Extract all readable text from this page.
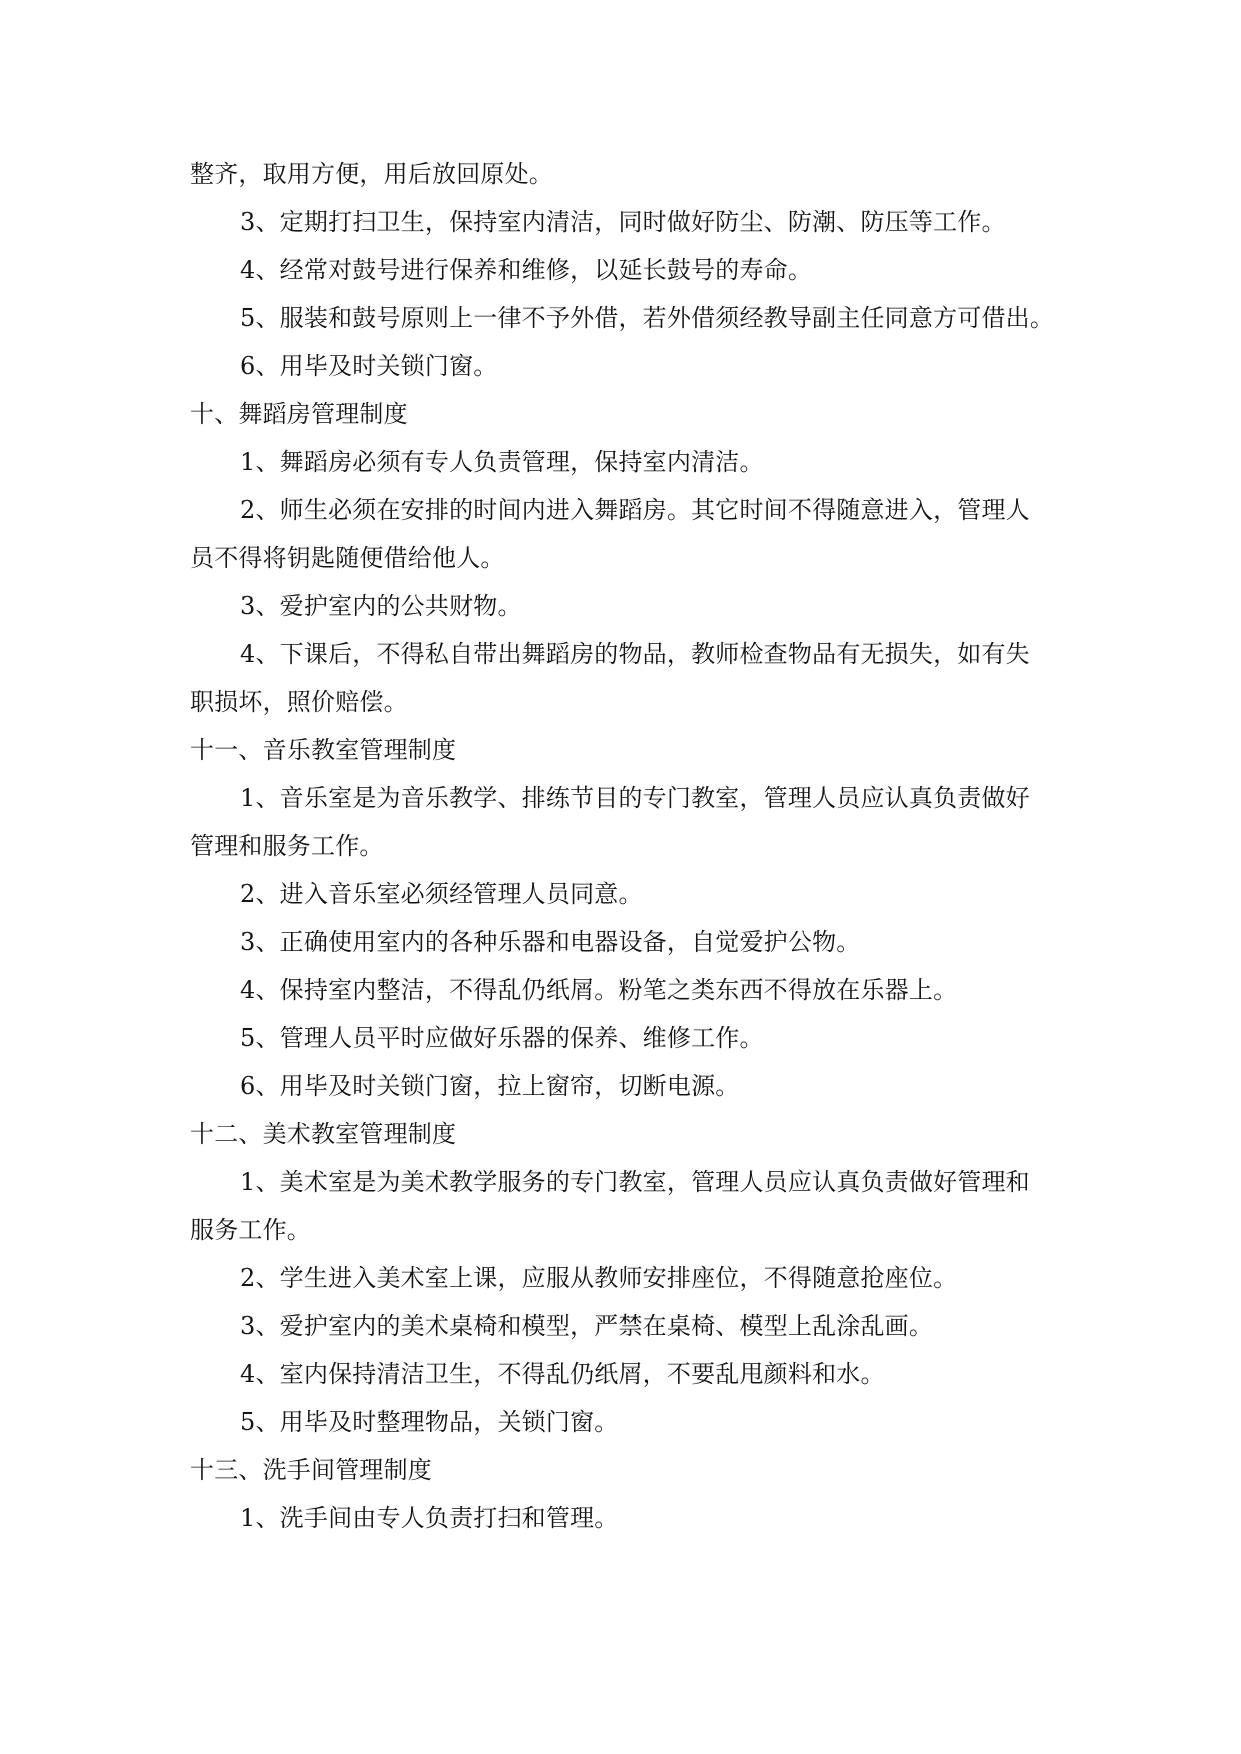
整齐，取用方便，用后放回原处。
3、定期打扫卫生，保持室内清洁，同时做好防尘、防潮、防压等工作。
4、经常对鼓号进行保养和维修，以延长鼓号的寿命。
5、服装和鼓号原则上一律不予外借，若外借须经教导副主任同意方可借出。
6、用毕及时关锁门窗。
十、舞蹈房管理制度
1、舞蹈房必须有专人负责管理，保持室内清洁。
2、师生必须在安排的时间内进入舞蹈房。其它时间不得随意进入，管理人
员不得将钥匙随便借给他人。
3、爱护室内的公共财物。
4、下课后，不得私自带出舞蹈房的物品，教师检查物品有无损失，如有失
职损坏，照价赔偿。
十一、音乐教室管理制度
1、音乐室是为音乐教学、排练节目的专门教室，管理人员应认真负责做好
管理和服务工作。
2、进入音乐室必须经管理人员同意。
3、正确使用室内的各种乐器和电器设备，自觉爱护公物。
4、保持室内整洁，不得乱仍纸屑。粉笔之类东西不得放在乐器上。
5、管理人员平时应做好乐器的保养、维修工作。
6、用毕及时关锁门窗，拉上窗帘，切断电源。
十二、美术教室管理制度
1、美术室是为美术教学服务的专门教室，管理人员应认真负责做好管理和
服务工作。
2、学生进入美术室上课，应服从教师安排座位，不得随意抢座位。
3、爱护室内的美术桌椅和模型，严禁在桌椅、模型上乱涂乱画。
4、室内保持清洁卫生，不得乱仍纸屑，不要乱甩颜料和水。
5、用毕及时整理物品，关锁门窗。
十三、洗手间管理制度
1、洗手间由专人负责打扫和管理。
